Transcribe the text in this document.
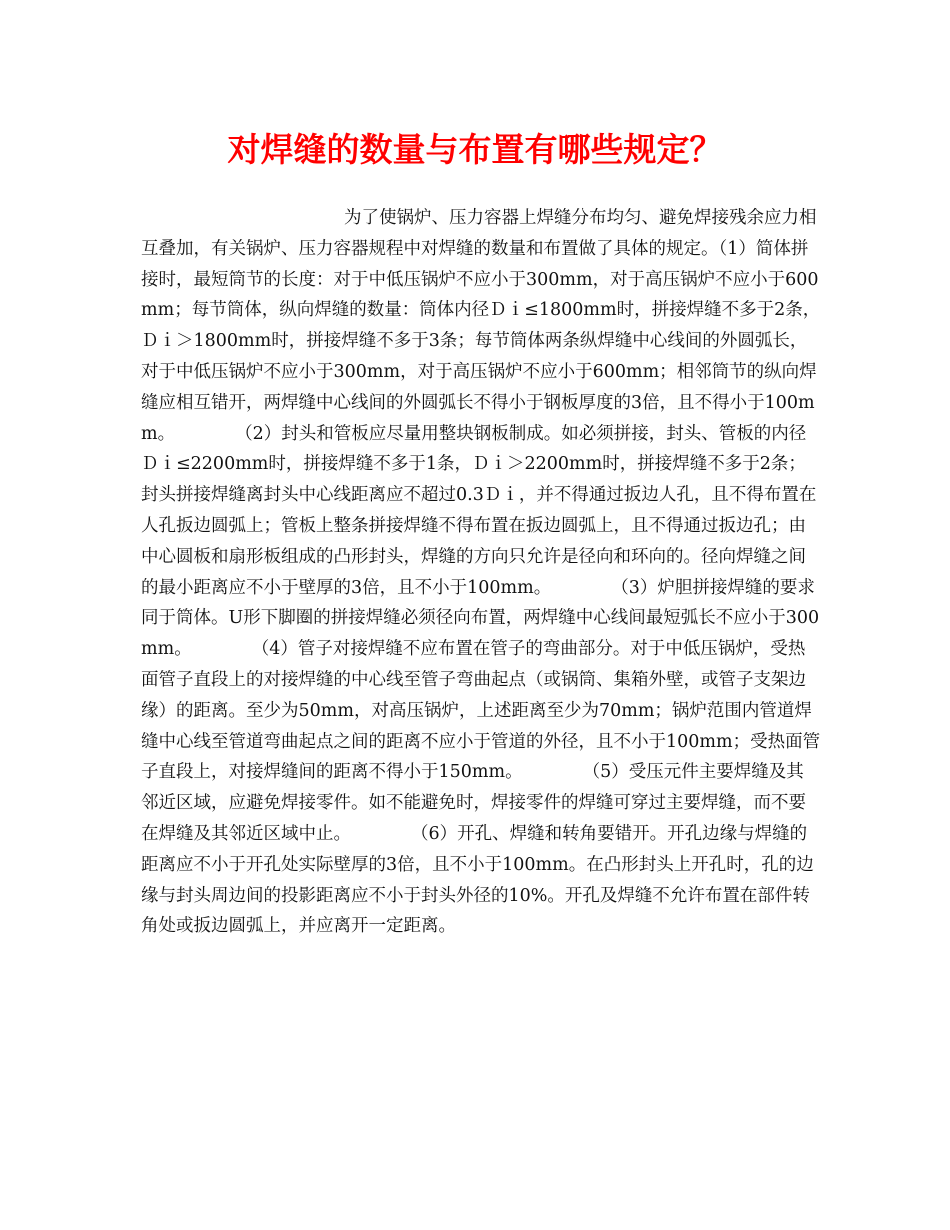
对焊缝的数量与布置有哪些规定？

为了使锅炉、压力容器上焊缝分布均匀、避免焊接残余应力相互叠加，有关锅炉、压力容器规程中对焊缝的数量和布置做了具体的规定。（1）简体拼接时，最短筒节的长度：对于中低压锅炉不应小于300mm，对于高压锅炉不应小于600mm；每节筒体，纵向焊缝的数量：筒体内径Ｄｉ≤1800mm时，拼接焊缝不多于2条，Ｄｉ＞1800mm时，拼接焊缝不多于3条；每节筒体两条纵焊缝中心线间的外圆弧长，对于中低压锅炉不应小于300mm，对于高压锅炉不应小于600mm；相邻筒节的纵向焊缝应相互错开，两焊缝中心线间的外圆弧长不得小于钢板厚度的3倍，且不得小于100mm。	（2）封头和管板应尽量用整块钢板制成。如必须拼接，封头、管板的内径Ｄｉ≤2200mm时，拼接焊缝不多于1条，Ｄｉ＞2200mm时，拼接焊缝不多于2条；封头拼接焊缝离封头中心线距离应不超过0.3Ｄｉ，并不得通过扳边人孔，且不得布置在人孔扳边圆弧上；管板上整条拼接焊缝不得布置在扳边圆弧上，且不得通过扳边孔；由中心圆板和扇形板组成的凸形封头，焊缝的方向只允许是径向和环向的。径向焊缝之间的最小距离应不小于壁厚的3倍，且不小于100mm。	（3）炉胆拼接焊缝的要求同于筒体。U形下脚圈的拼接焊缝必须径向布置，两焊缝中心线间最短弧长不应小于300mm。	（4）管子对接焊缝不应布置在管子的弯曲部分。对于中低压锅炉，受热面管子直段上的对接焊缝的中心线至管子弯曲起点（或锅筒、集箱外壁，或管子支架边缘）的距离。至少为50mm，对高压锅炉，上述距离至少为70mm；锅炉范围内管道焊缝中心线至管道弯曲起点之间的距离不应小于管道的外径，且不小于100mm；受热面管子直段上，对接焊缝间的距离不得小于150mm。	（5）受压元件主要焊缝及其邻近区域，应避免焊接零件。如不能避免时，焊接零件的焊缝可穿过主要焊缝，而不要在焊缝及其邻近区域中止。	（6）开孔、焊缝和转角要错开。开孔边缘与焊缝的距离应不小于开孔处实际壁厚的3倍，且不小于100mm。在凸形封头上开孔时，孔的边缘与封头周边间的投影距离应不小于封头外径的10%。开孔及焊缝不允许布置在部件转角处或扳边圆弧上，并应离开一定距离。
